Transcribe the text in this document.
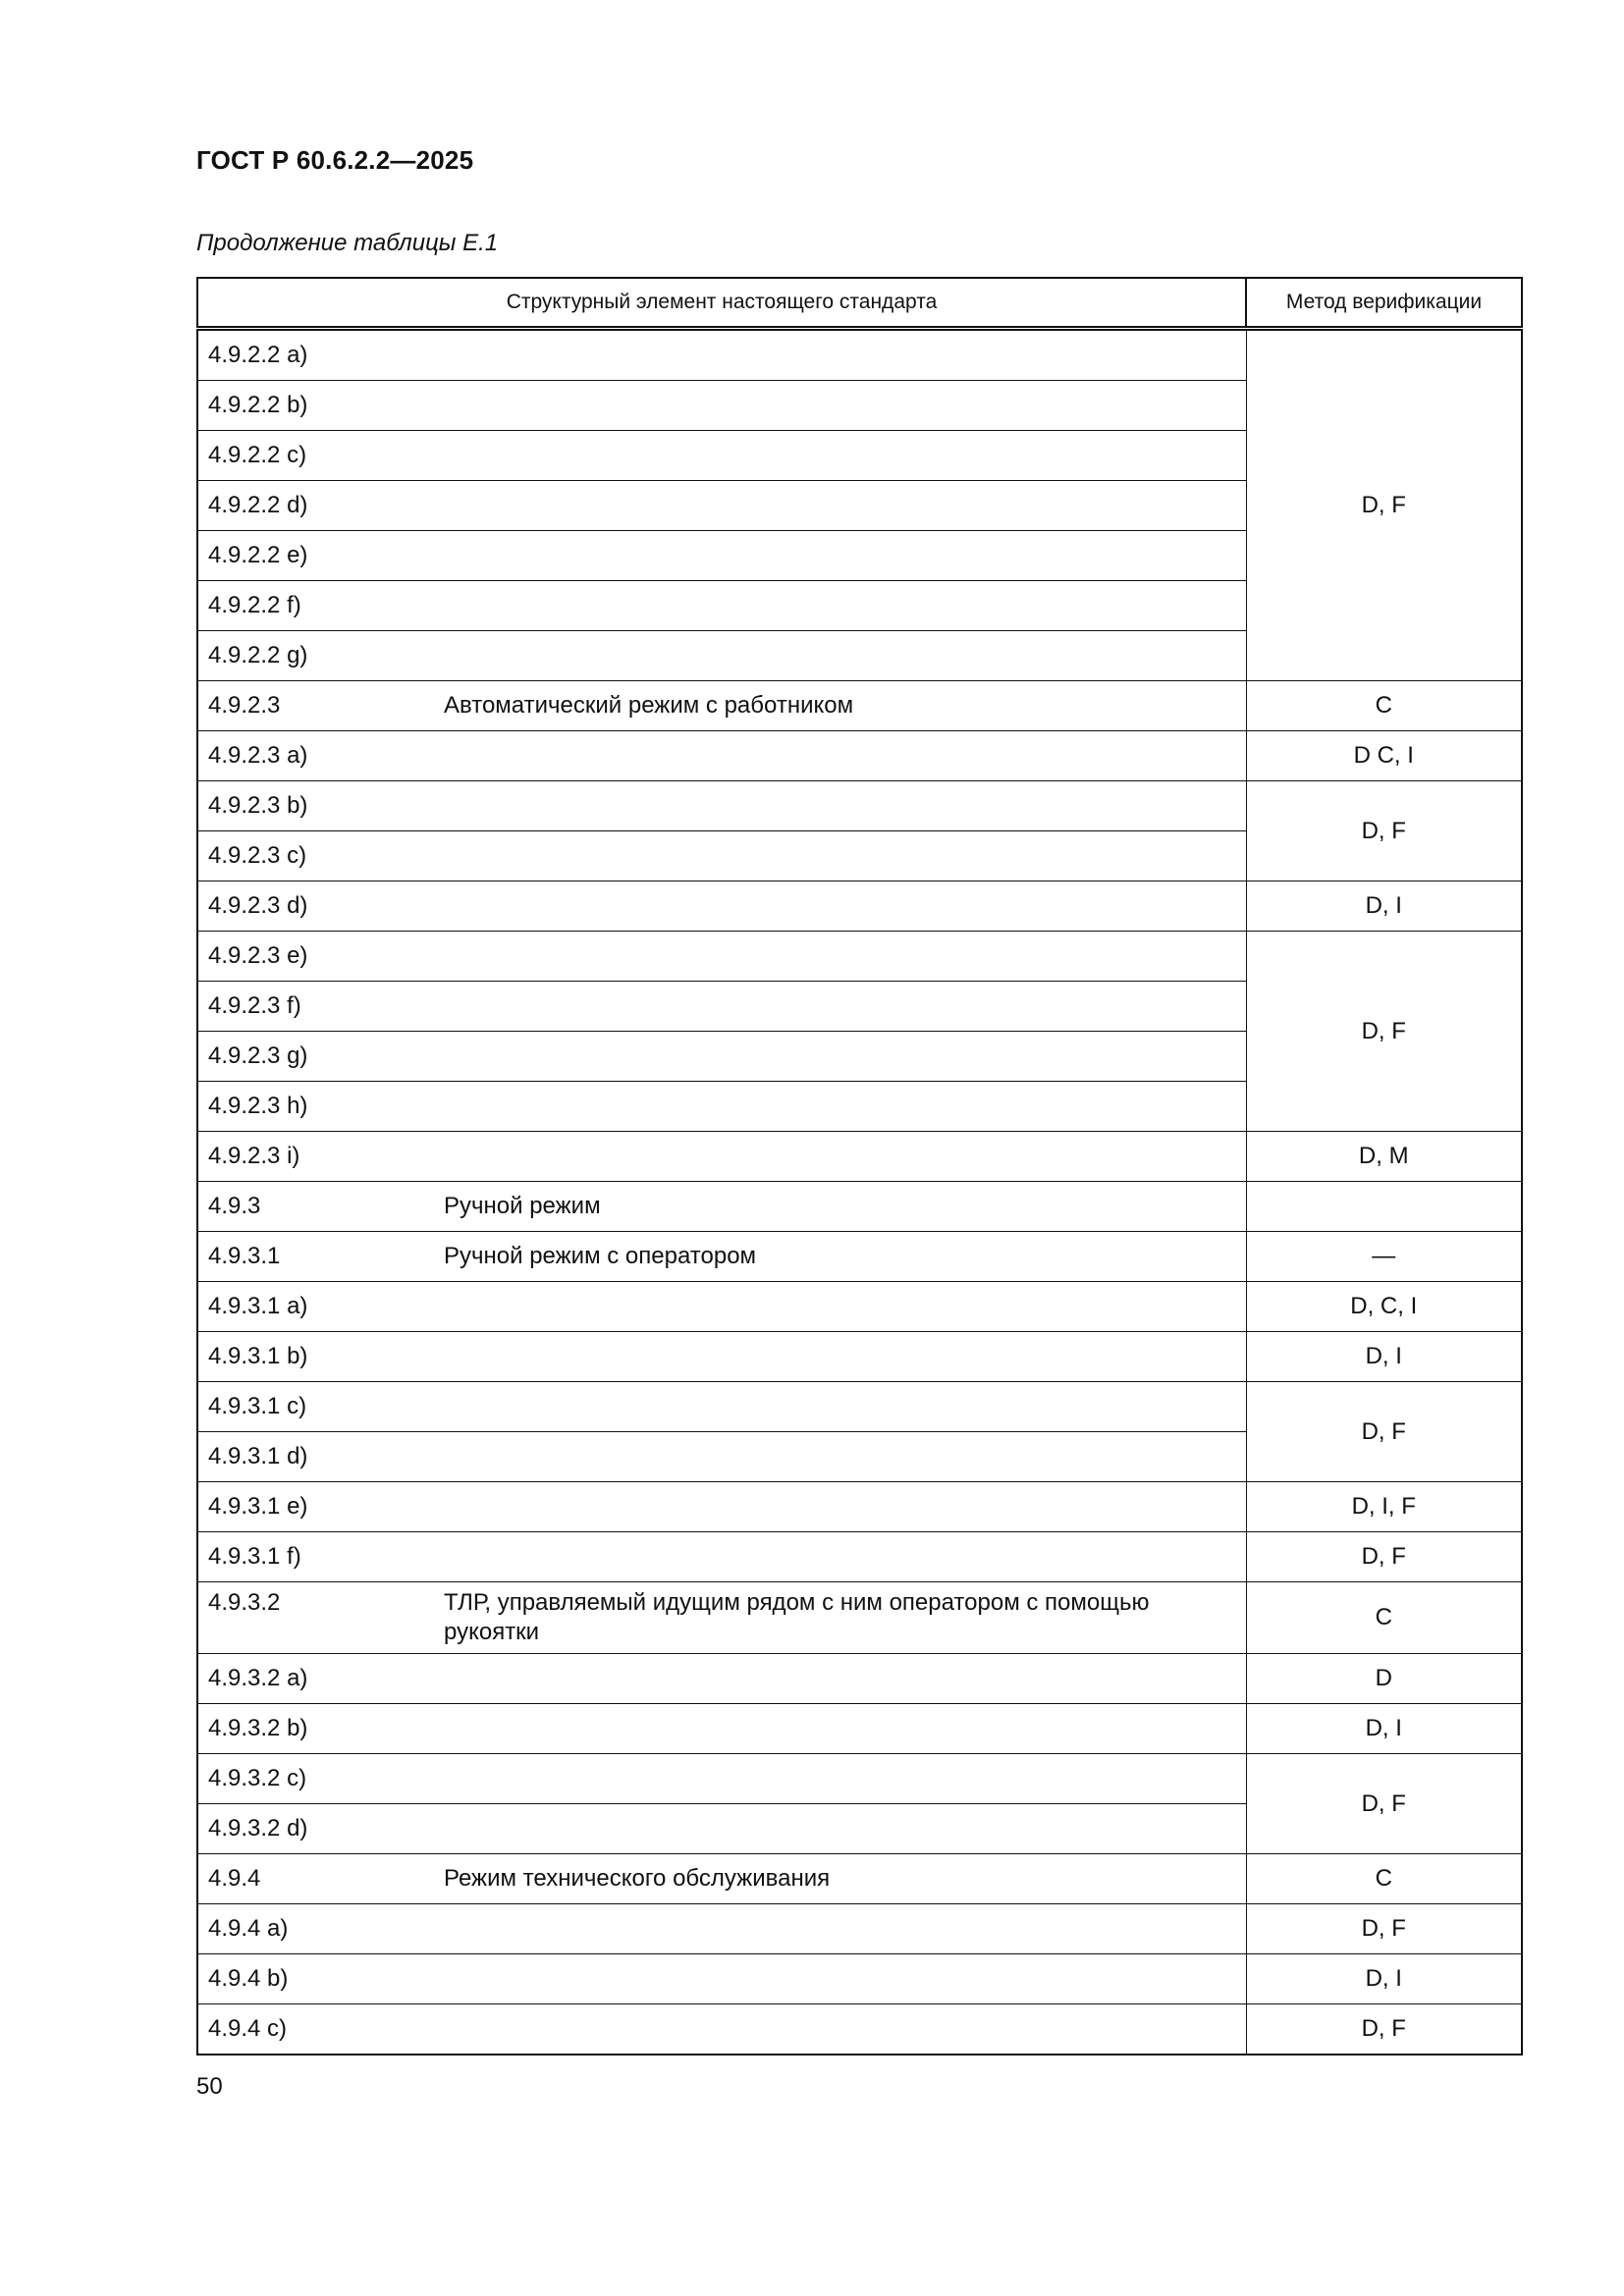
ГОСТ Р 60.6.2.2—2025
Продолжение таблицы Е.1
Структурный элемент настоящего стандарта	Метод верификации
4.9.2.2 a)	D, F
4.9.2.2 b)	
4.9.2.2 c)	
4.9.2.2 d)	
4.9.2.2 e)	
4.9.2.2 f)	
4.9.2.2 g)	
4.9.2.3 Автоматический режим с работником	C
4.9.2.3 a)	D C, I
4.9.2.3 b)	D, F
4.9.2.3 c)	
4.9.2.3 d)	D, I
4.9.2.3 e)	D, F
4.9.2.3 f)	
4.9.2.3 g)	
4.9.2.3 h)	
4.9.2.3 i)	D, M
4.9.3 Ручной режим	
4.9.3.1 Ручной режим с оператором	—
4.9.3.1 a)	D, C, I
4.9.3.1 b)	D, I
4.9.3.1 c)	D, F
4.9.3.1 d)	
4.9.3.1 e)	D, I, F
4.9.3.1 f)	D, F
4.9.3.2 ТЛР, управляемый идущим рядом с ним оператором с помощью рукоятки	C
4.9.3.2 a)	D
4.9.3.2 b)	D, I
4.9.3.2 c)	D, F
4.9.3.2 d)	
4.9.4 Режим технического обслуживания	C
4.9.4 a)	D, F
4.9.4 b)	D, I
4.9.4 c)	D, F
50
